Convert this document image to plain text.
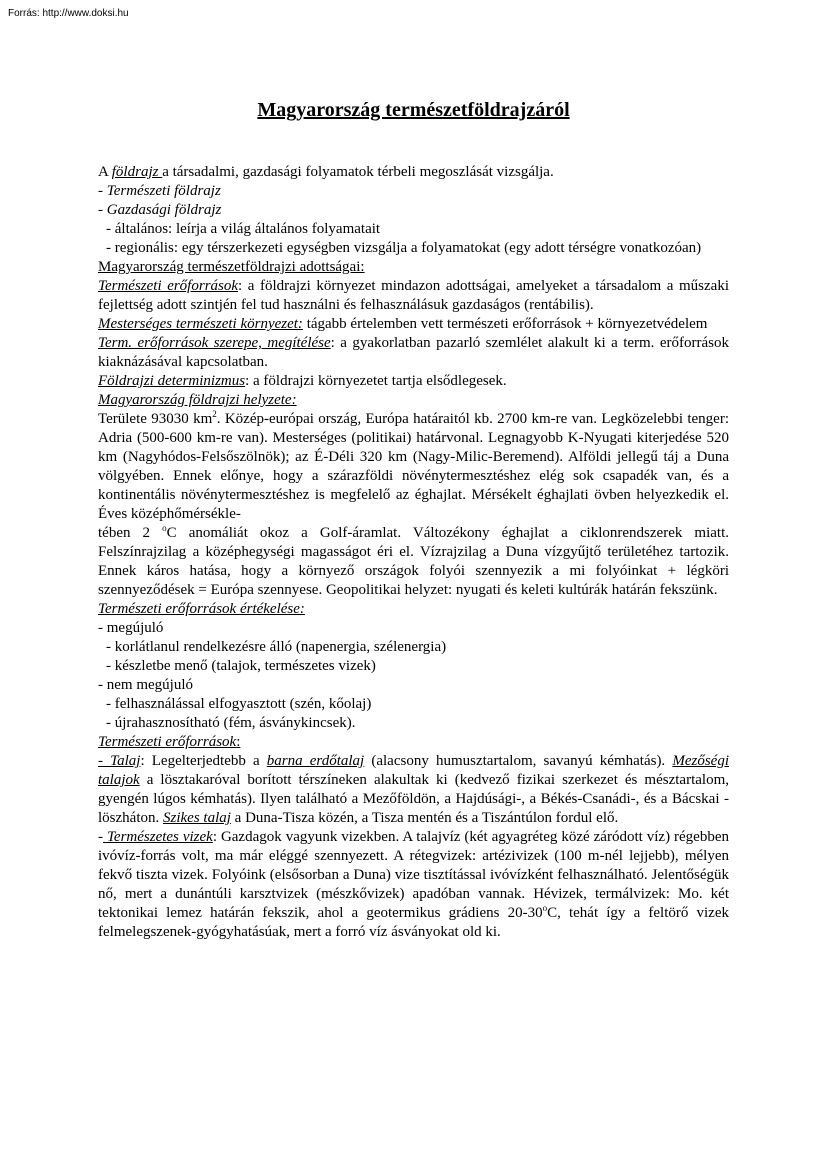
Forrás: http://www.doksi.hu
Magyarország természetföldrajzáról

A földrajz a társadalmi, gazdasági folyamatok térbeli megoszlását vizsgálja.

- Természeti földrajz

- Gazdasági földrajz

- általános: leírja a világ általános folyamatait

- regionális: egy térszerkezeti egységben vizsgálja a folyamatokat (egy adott térségre vonatkozóan)

Magyarország természetföldrajzi adottságai:

Természeti erőforrások: a földrajzi környezet mindazon adottságai, amelyeket a társadalom a műszaki fejlettség adott szintjén fel tud használni és felhasználásuk gazdaságos (rentábilis).

Mesterséges természeti környezet: tágabb értelemben vett természeti erőforrások + környezetvédelem

Term. erőforrások szerepe, megítélése: a gyakorlatban pazarló szemlélet alakult ki a term. erőforrások kiaknázásával kapcsolatban.

Földrajzi determinizmus: a földrajzi környezetet tartja elsődlegesek.

Magyarország földrajzi helyzete:

Területe 93030 $km^2$. Közép-európai ország, Európa határaitól kb. 2700 km-re van. Legközelebbi tenger: Adria (500-600 km-re van). Mesterséges (politikai) határvonal. Legnagyobb K-Nyugati kiterjedése 520 km (Nagyhódos-Felsőszölnök); az É-Déli 320 km (Nagy-Milic-Beremend). Alföldi jellegű táj a Duna völgyében. Ennek előnye, hogy a szárazföldi növénytermesztéshez elég sok csapadék van, és a kontinentális növénytermesztéshez is megfelelő az éghajlat. Mérsékelt éghajlati övben helyezkedik el. Éves középhőmérsékle-

tében 2 $^o$C anomáliát okoz a Golf-áramlat. Változékony éghajlat a ciklonrendszerek miatt. Felszínrajzilag a középhegységi magasságot éri el. Vízrajzilag a Duna vízgyűjtő területéhez tartozik. Ennek káros hatása, hogy a környező országok folyói szennyezik a mi folyóinkat + légköri szennyeződések = Európa szennyese. Geopolitikai helyzet: nyugati és keleti kultúrák határán fekszünk.

Természeti erőforrások értékelése:

- megújuló

- korlátlanul rendelkezésre álló (napenergia, szélenergia)

- készletbe menő (talajok, természetes vizek)

- nem megújuló

- felhasználással elfogyasztott (szén, kőolaj)

- újrahasznosítható (fém, ásványkincsek).

Természeti erőforrások:

- Talaj: Legelterjedtebb a barna erdőtalaj (alacsony humusztartalom, savanyú kémhatás). Mezőségi talajok a lösztakaróval borított térszíneken alakultak ki (kedvező fizikai szerkezet és mésztartalom, gyengén lúgos kémhatás). Ilyen található a Mezőföldön, a Hajdúsági-, a Békés-Csanádi-, és a Bácskai - löszháton. Szikes talaj a Duna-Tisza közén, a Tisza mentén és a Tiszántúlon fordul elő.

- Természetes vizek: Gazdagok vagyunk vizekben. A talajvíz (két agyagréteg közé záródott víz) régebben ivóvíz-forrás volt, ma már eléggé szennyezett. A rétegvizek: artézivizek (100 m-nél lejjebb), mélyen fekvő tiszta vizek. Folyóink (elsősorban a Duna) vize tisztítással ivóvízként felhasználható. Jelentőségük nő, mert a dunántúli karsztvizek (mészkővizek) apadóban vannak. Hévizek, termálvizek: Mo. két tektonikai lemez határán fekszik, ahol a geotermikus grádiens 20-30$^o$C, tehát így a feltörő vizek felmelegszenek-gyógyhatásúak, mert a forró víz ásványokat old ki.
